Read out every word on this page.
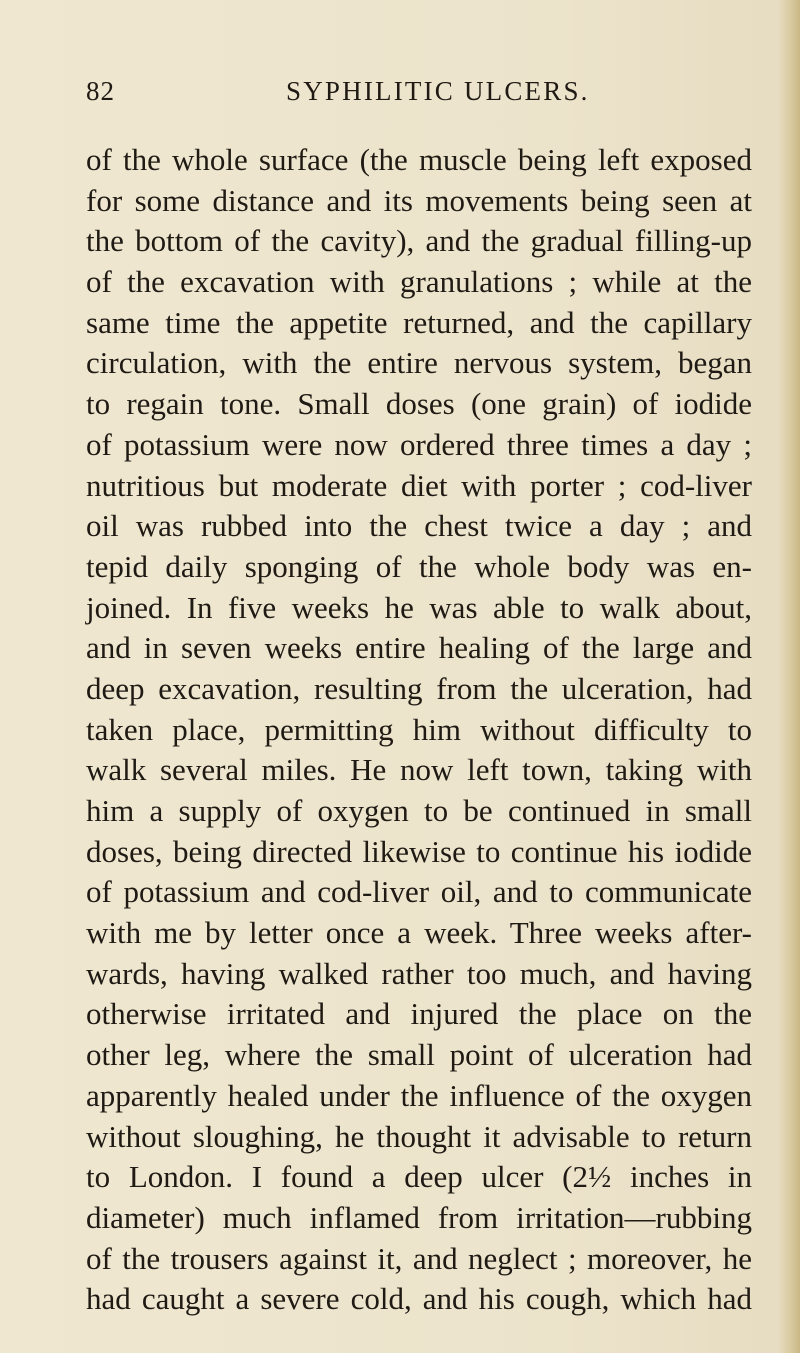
82	SYPHILITIC ULCERS.
of the whole surface (the muscle being left exposed
for some distance and its movements being seen at
the bottom of the cavity), and the gradual filling-up
of the excavation with granulations ; while at the
same time the appetite returned, and the capillary
circulation, with the entire nervous system, began
to regain tone. Small doses (one grain) of iodide
of potassium were now ordered three times a day ;
nutritious but moderate diet with porter ; cod-liver
oil was rubbed into the chest twice a day ; and
tepid daily sponging of the whole body was en-
joined. In five weeks he was able to walk about,
and in seven weeks entire healing of the large and
deep excavation, resulting from the ulceration, had
taken place, permitting him without difficulty to
walk several miles. He now left town, taking with
him a supply of oxygen to be continued in small
doses, being directed likewise to continue his iodide
of potassium and cod-liver oil, and to communicate
with me by letter once a week. Three weeks after-
wards, having walked rather too much, and having
otherwise irritated and injured the place on the
other leg, where the small point of ulceration had
apparently healed under the influence of the oxygen
without sloughing, he thought it advisable to return
to London. I found a deep ulcer (2½ inches in
diameter) much inflamed from irritation—rubbing
of the trousers against it, and neglect ; moreover, he
had caught a severe cold, and his cough, which had
